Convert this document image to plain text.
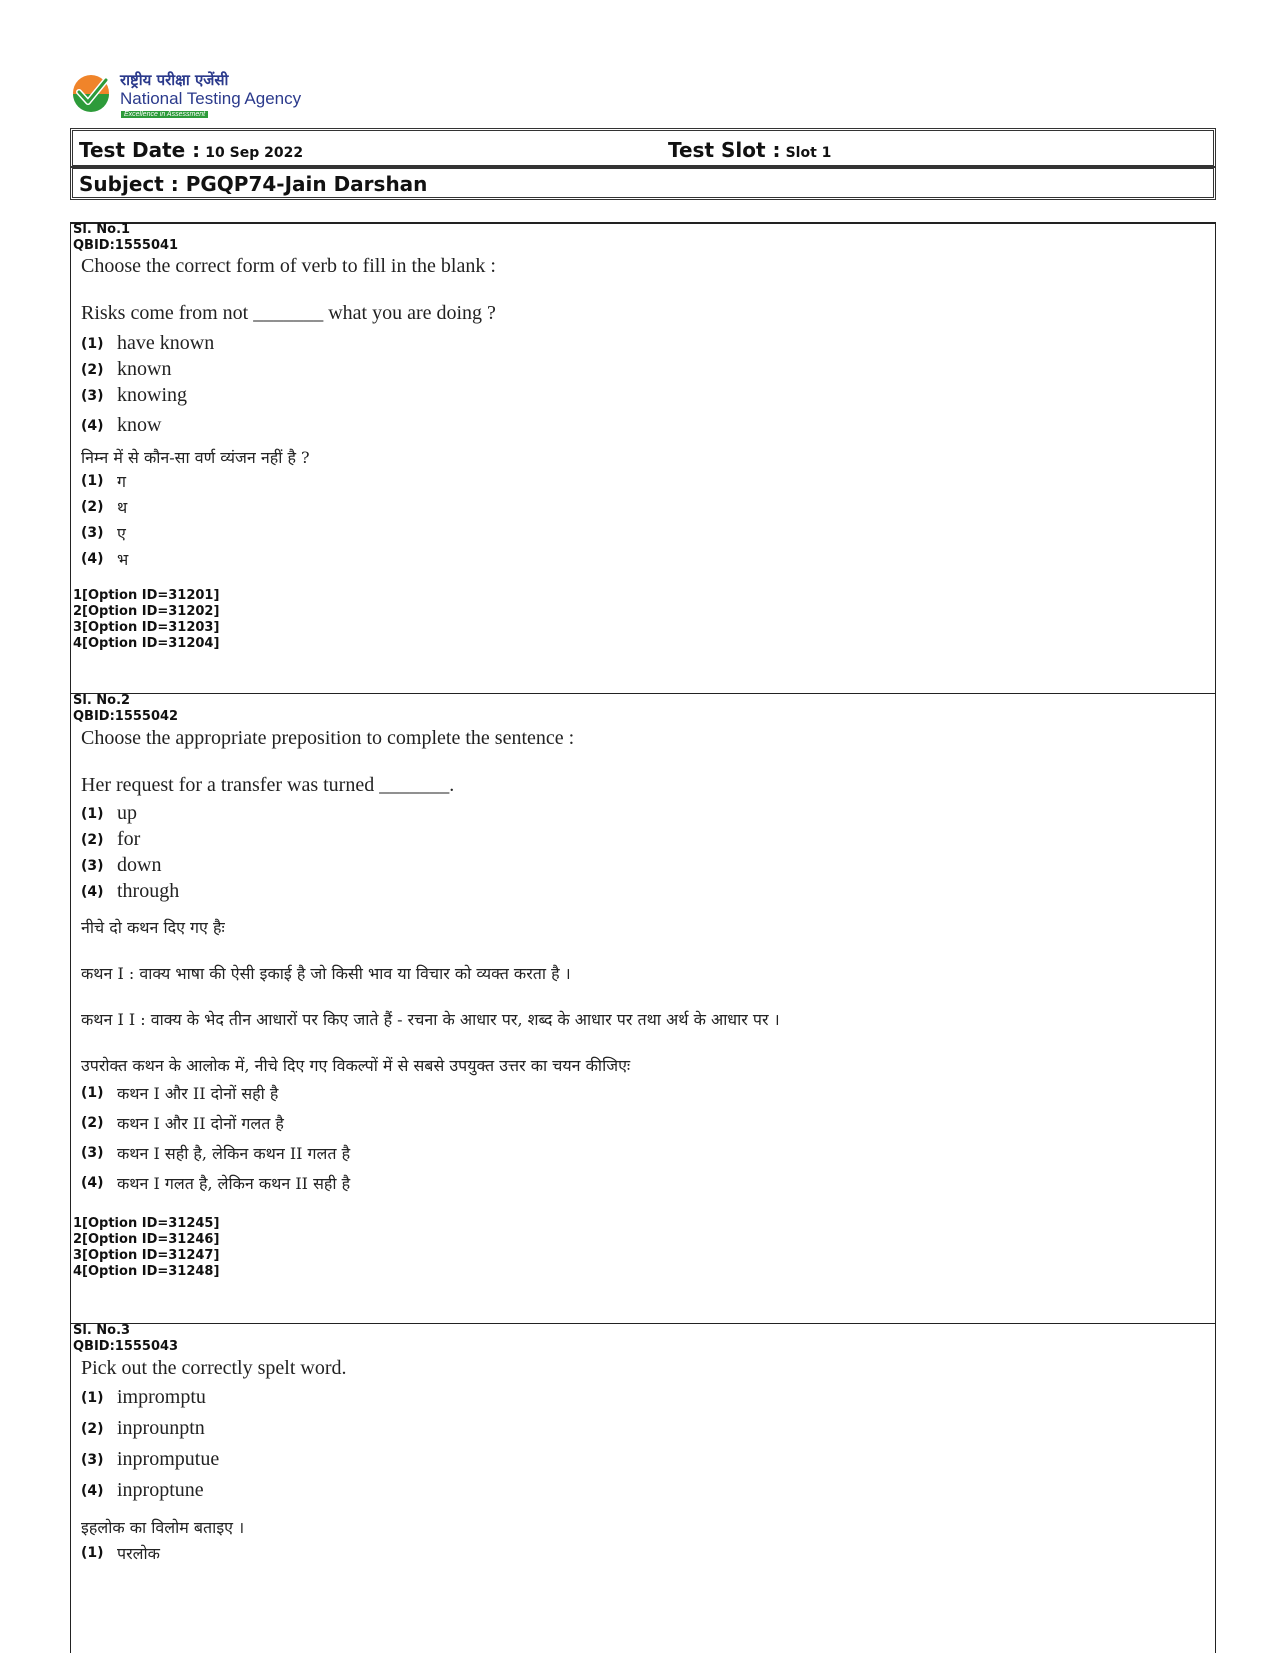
राष्ट्रीय परीक्षा एजेंसी
National Testing Agency
Excellence in Assessment
Test Date : 10 Sep 2022	Test Slot : Slot 1
Subject : PGQP74-Jain Darshan
Sl. No.1
QBID:1555041
Choose the correct form of verb to fill in the blank :
Risks come from not _______ what you are doing ?
(1) have known
(2) known
(3) knowing
(4) know
निम्न में से कौन-सा वर्ण व्यंजन नहीं है ?
(1) ग
(2) थ
(3) ए
(4) भ
1[Option ID=31201]
2[Option ID=31202]
3[Option ID=31203]
4[Option ID=31204]
Sl. No.2
QBID:1555042
Choose the appropriate preposition to complete the sentence :
Her request for a transfer was turned _______.
(1) up
(2) for
(3) down
(4) through
नीचे दो कथन दिए गए हैः
कथन I : वाक्य भाषा की ऐसी इकाई है जो किसी भाव या विचार को व्यक्त करता है ।
कथन I I : वाक्य के भेद तीन आधारों पर किए जाते हैं - रचना के आधार पर, शब्द के आधार पर तथा अर्थ के आधार पर ।
उपरोक्त कथन के आलोक में, नीचे दिए गए विकल्पों में से सबसे उपयुक्त उत्तर का चयन कीजिएः
(1) कथन I और II दोनों सही है
(2) कथन I और II दोनों गलत है
(3) कथन I सही है, लेकिन कथन II गलत है
(4) कथन I गलत है, लेकिन कथन II सही है
1[Option ID=31245]
2[Option ID=31246]
3[Option ID=31247]
4[Option ID=31248]
Sl. No.3
QBID:1555043
Pick out the correctly spelt word.
(1) impromptu
(2) inprounptn
(3) inpromputue
(4) inproptune
इहलोक का विलोम बताइए ।
(1) परलोक
